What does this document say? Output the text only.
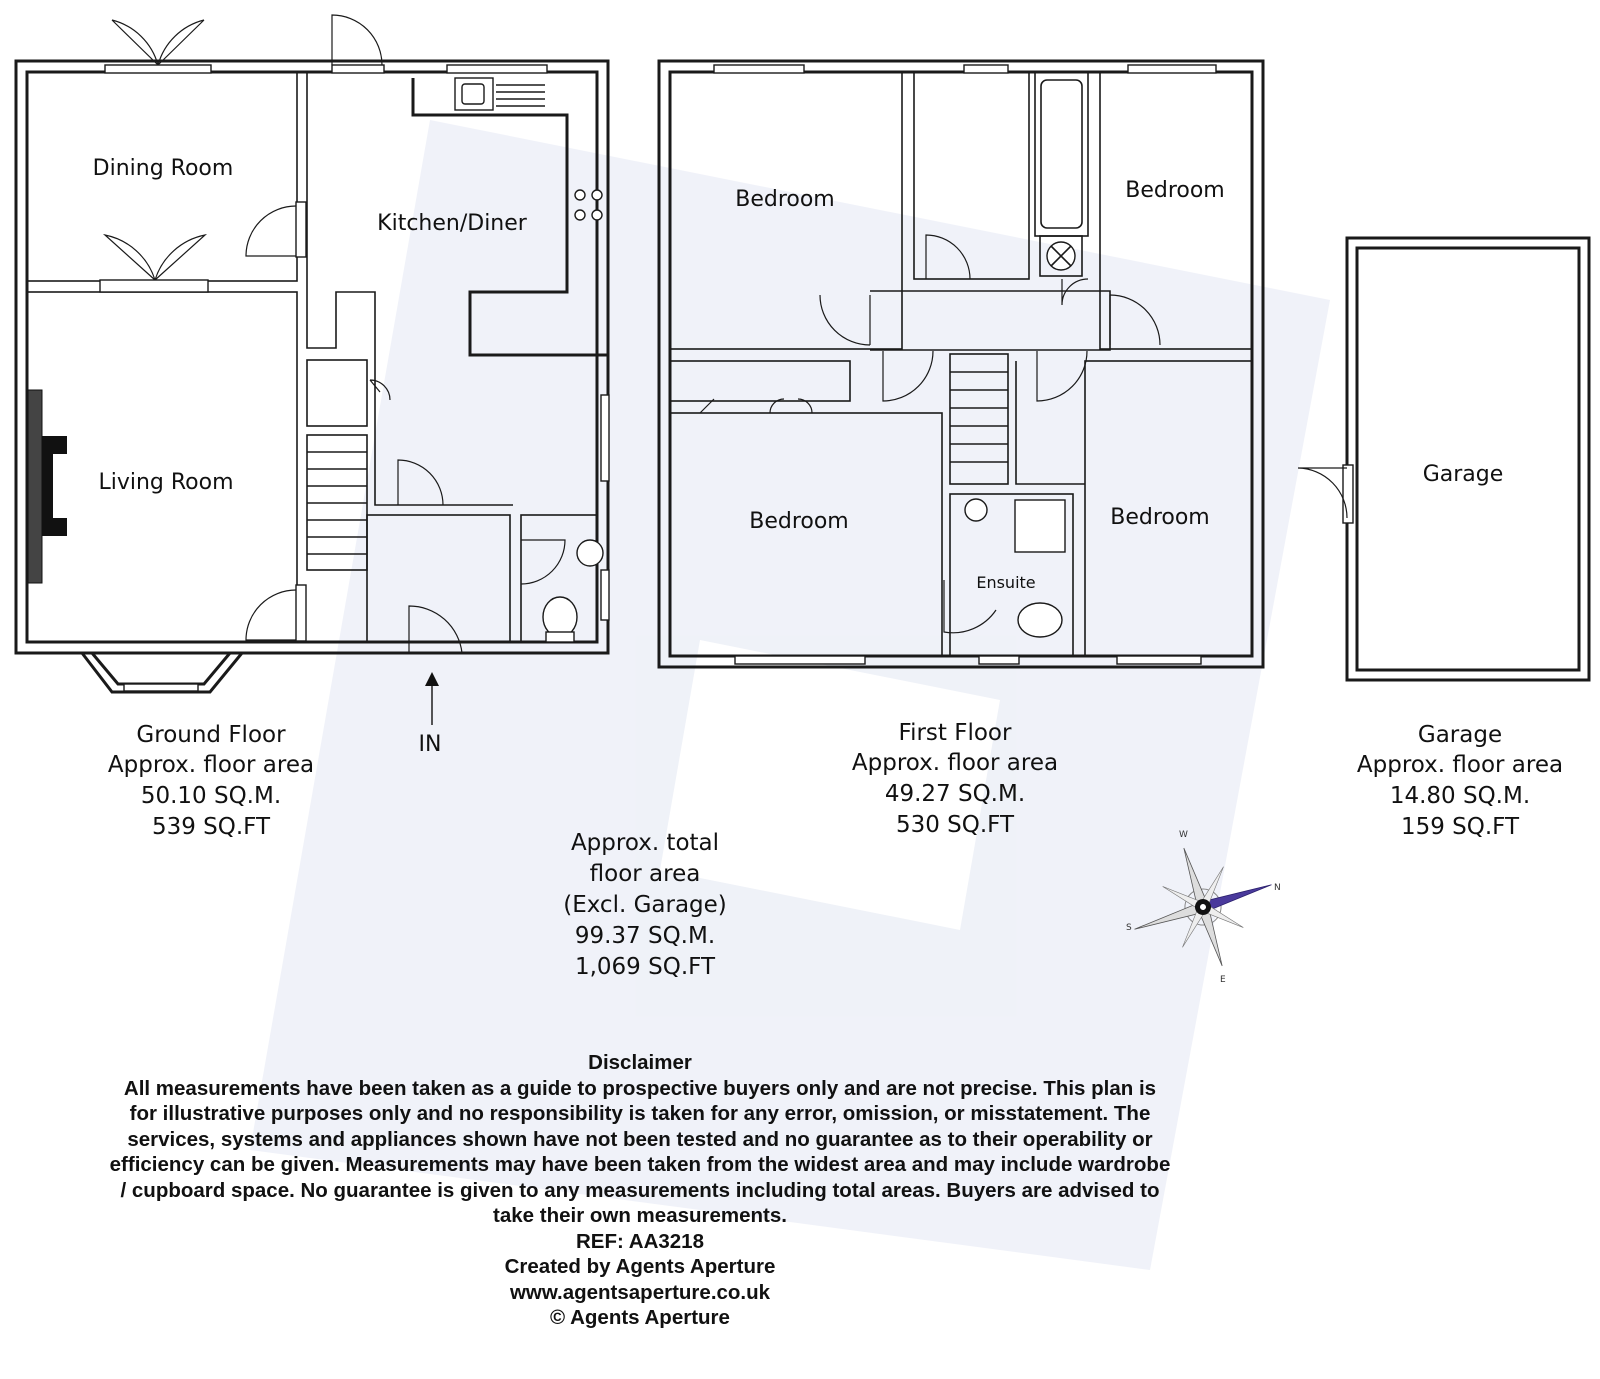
Dining Room
Kitchen/Diner
Living Room
IN
Bedroom	Bedroom
Bedroom	Bedroom
Ensuite
Garage
Ground Floor
Approx. floor area
50.10 SQ.M.
539 SQ.FT
First Floor
Approx. floor area
49.27 SQ.M.
530 SQ.FT
Garage
Approx. floor area
14.80 SQ.M.
159 SQ.FT
Approx. total
floor area
(Excl. Garage)
99.37 SQ.M.
1,069 SQ.FT
N
E
S
W
Disclaimer
All measurements have been taken as a guide to prospective buyers only and are not precise. This plan is
for illustrative purposes only and no responsibility is taken for any error, omission, or misstatement. The
services, systems and appliances shown have not been tested and no guarantee as to their operability or
efficiency can be given. Measurements may have been taken from the widest area and may include wardrobe
/ cupboard space. No guarantee is given to any measurements including total areas. Buyers are advised to
take their own measurements.
REF: AA3218
Created by Agents Aperture
www.agentsaperture.co.uk
© Agents Aperture
